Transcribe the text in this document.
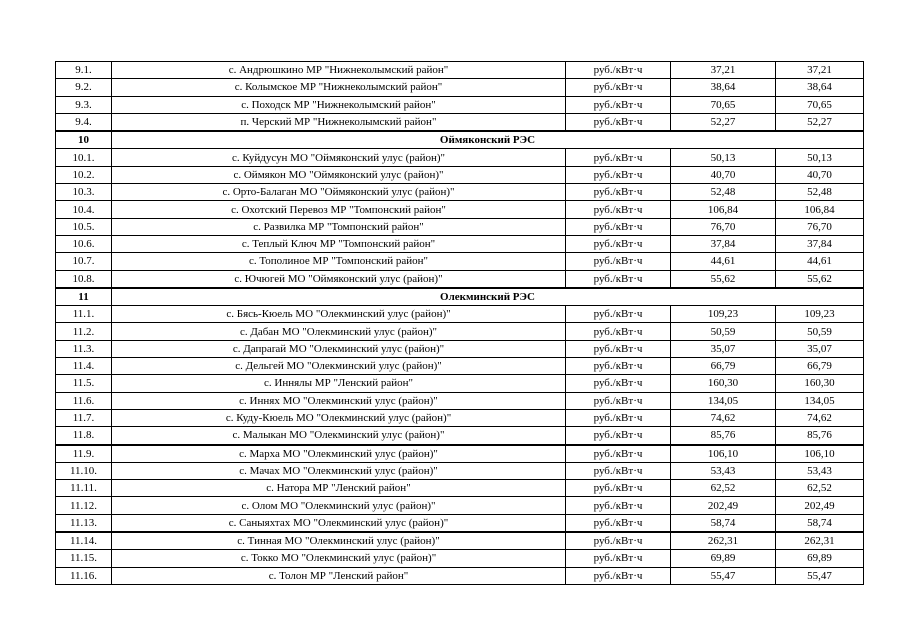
9.1.	с. Андрюшкино МР "Нижнеколымский район"	руб./кВт·ч	37,21	37,21
9.2.	с. Колымское МР "Нижнеколымский район"	руб./кВт·ч	38,64	38,64
9.3.	с. Походск МР "Нижнеколымский район"	руб./кВт·ч	70,65	70,65
9.4.	п. Черский МР "Нижнеколымский район"	руб./кВт·ч	52,27	52,27
10	Оймяконский РЭС			
10.1.	с. Куйдусун МО "Оймяконский улус (район)"	руб./кВт·ч	50,13	50,13
10.2.	с. Оймякон МО "Оймяконский улус (район)"	руб./кВт·ч	40,70	40,70
10.3.	с. Орто-Балаган МО "Оймяконский улус (район)"	руб./кВт·ч	52,48	52,48
10.4.	с. Охотский Перевоз МР "Томпонский район"	руб./кВт·ч	106,84	106,84
10.5.	с. Развилка МР "Томпонский район"	руб./кВт·ч	76,70	76,70
10.6.	с. Теплый Ключ МР "Томпонский район"	руб./кВт·ч	37,84	37,84
10.7.	с. Тополиное МР "Томпонский район"	руб./кВт·ч	44,61	44,61
10.8.	с. Ючюгей МО "Оймяконский улус (район)"	руб./кВт·ч	55,62	55,62
11	Олекминский РЭС			
11.1.	с. Бясь-Кюель МО "Олекминский улус (район)"	руб./кВт·ч	109,23	109,23
11.2.	с. Дабан МО "Олекминский улус (район)"	руб./кВт·ч	50,59	50,59
11.3.	с. Дапparaй МО "Олекминский улус (район)"	руб./кВт·ч	35,07	35,07
11.4.	с. Дельгей МО "Олекминский улус (район)"	руб./кВт·ч	66,79	66,79
11.5.	с. Иннялы МР "Ленский район"	руб./кВт·ч	160,30	160,30
11.6.	с. Иннях МО "Олекминский улус (район)"	руб./кВт·ч	134,05	134,05
11.7.	с. Куду-Кюель МО "Олекминский улус (район)"	руб./кВт·ч	74,62	74,62
11.8.	с. Малыкан МО "Олекминский улус (район)"	руб./кВт·ч	85,76	85,76
11.9.	с. Марха МО "Олекминский улус (район)"	руб./кВт·ч	106,10	106,10
11.10.	с. Мачах МО "Олекминский улус (район)"	руб./кВт·ч	53,43	53,43
11.11.	с. Натора МР "Ленский район"	руб./кВт·ч	62,52	62,52
11.12.	с. Олом МО "Олекминский улус (район)"	руб./кВт·ч	202,49	202,49
11.13.	с. Саныяхтах МО "Олекминский улус (район)"	руб./кВт·ч	58,74	58,74
11.14.	с. Тинная МО "Олекминский улус (район)"	руб./кВт·ч	262,31	262,31
11.15.	с. Токко МО "Олекминский улус (район)"	руб./кВт·ч	69,89	69,89
11.16.	с. Толон МР "Ленский район"	руб./кВт·ч	55,47	55,47
